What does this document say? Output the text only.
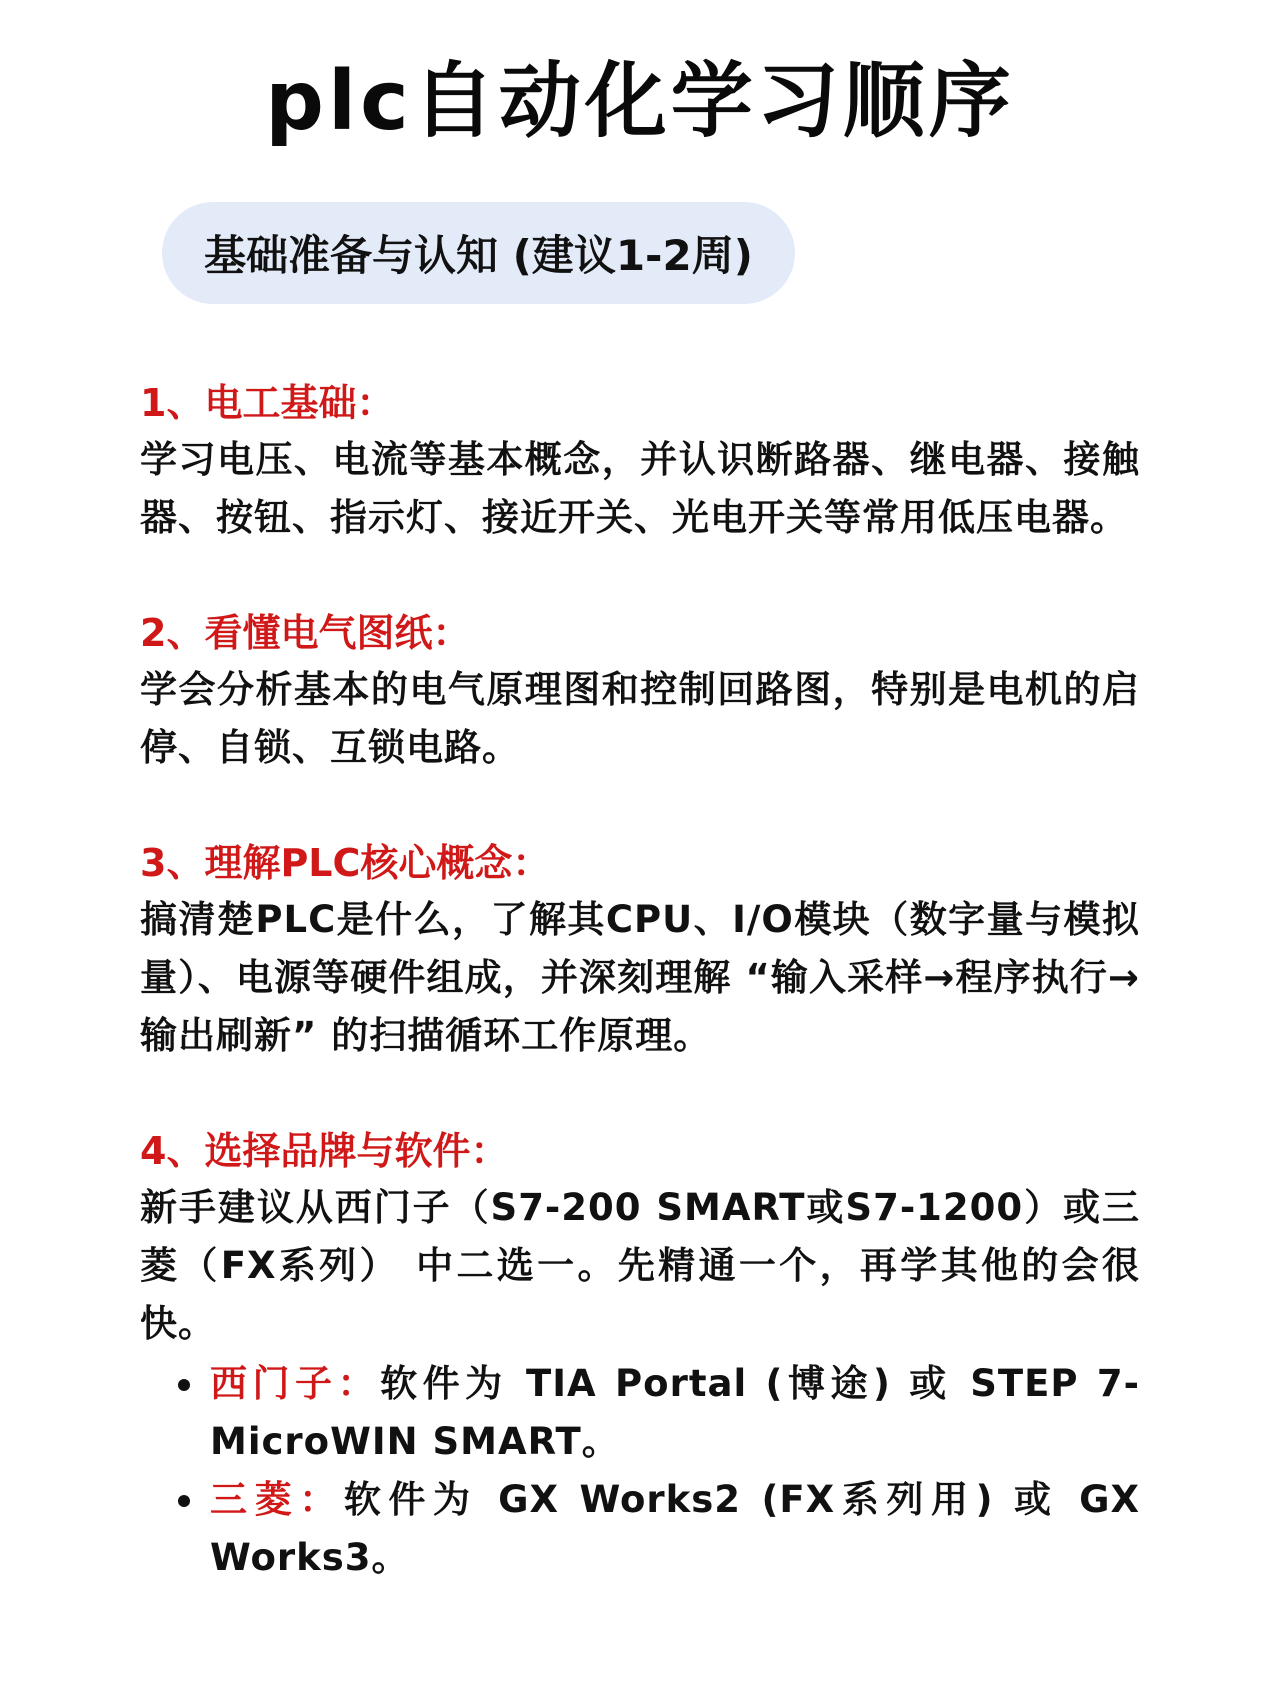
plc自动化学习顺序
基础准备与认知 (建议1-2周)

1、电工基础：

学习电压、电流等基本概念，并认识断路器、继电器、接触器、按钮、指示灯、接近开关、光电开关等常用低压电器。

2、看懂电气图纸：

学会分析基本的电气原理图和控制回路图，特别是电机的启停、自锁、互锁电路。

3、理解PLC核心概念：

搞清楚PLC是什么，了解其CPU、I/O模块（数字量与模拟量）、电源等硬件组成，并深刻理解 “输入采样→程序执行→输出刷新” 的扫描循环工作原理。

4、选择品牌与软件：

新手建议从西门子（S7-200 SMART或S7-1200）或三菱（FX系列） 中二选一。先精通一个，再学其他的会很快。

西门子：软件为 TIA Portal (博途) 或 STEP 7-MicroWIN SMART。
三菱：软件为 GX Works2 (FX系列用) 或 GX Works3。
